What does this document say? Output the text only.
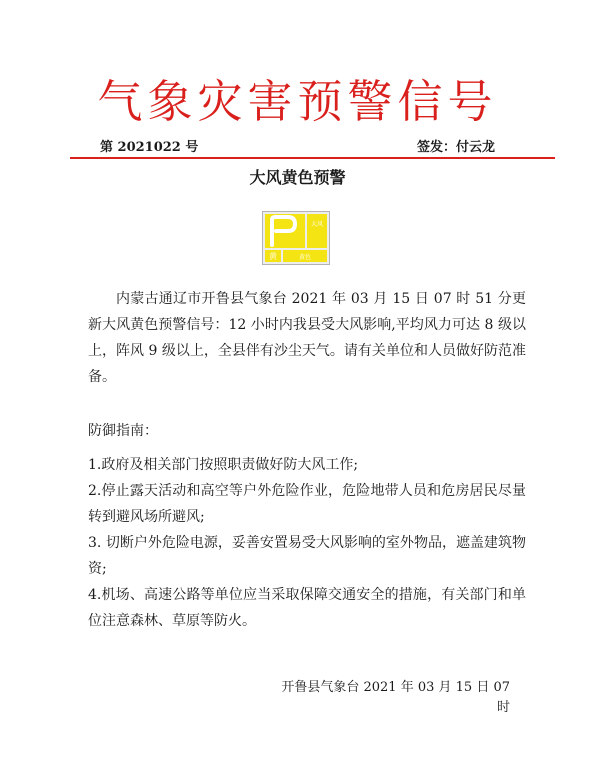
气象灾害预警信号
第 2021022 号	签发：付云龙
大风黄色预警
大风
黄	黄色
内蒙古通辽市开鲁县气象台 2021 年 03 月 15 日 07 时 51 分更新大风黄色预警信号：12 小时内我县受大风影响,平均风力可达 8 级以上，阵风 9 级以上，全县伴有沙尘天气。请有关单位和人员做好防范准备。

防御指南：

1.政府及相关部门按照职责做好防大风工作;

2.停止露天活动和高空等户外危险作业，危险地带人员和危房居民尽量转到避风场所避风;

3. 切断户外危险电源，妥善安置易受大风影响的室外物品，遮盖建筑物资;

4.机场、高速公路等单位应当采取保障交通安全的措施，有关部门和单位注意森林、草原等防火。

开鲁县气象台 2021 年 03 月 15 日 07 时
